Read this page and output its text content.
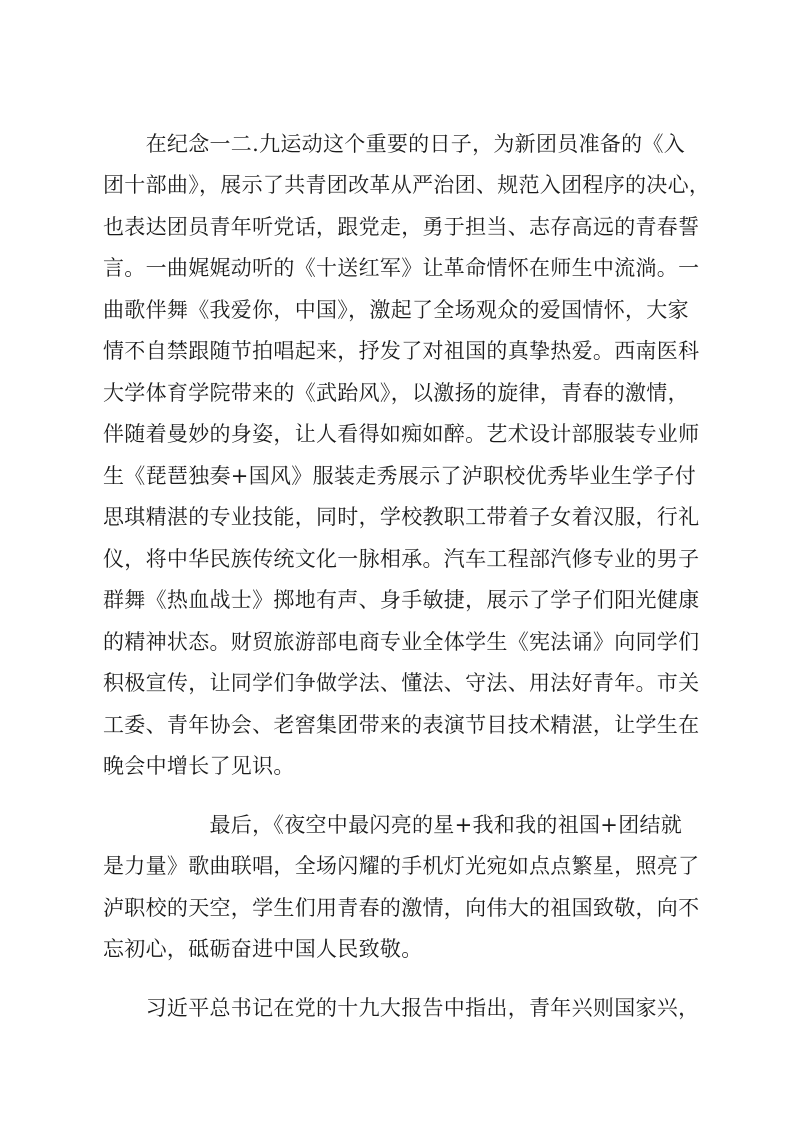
　　在纪念一二.九运动这个重要的日子，为新团员准备的《入
团十部曲》，展示了共青团改革从严治团、规范入团程序的决心，
也表达团员青年听党话，跟党走，勇于担当、志存高远的青春誓
言。一曲娓娓动听的《十送红军》让革命情怀在师生中流淌。一
曲歌伴舞《我爱你，中国》，激起了全场观众的爱国情怀，大家
情不自禁跟随节拍唱起来，抒发了对祖国的真挚热爱。西南医科
大学体育学院带来的《武跆风》，以激扬的旋律，青春的激情，
伴随着曼妙的身姿，让人看得如痴如醉。艺术设计部服装专业师
生《琵琶独奏+国风》服装走秀展示了泸职校优秀毕业生学子付
思琪精湛的专业技能，同时，学校教职工带着子女着汉服，行礼
仪，将中华民族传统文化一脉相承。汽车工程部汽修专业的男子
群舞《热血战士》掷地有声、身手敏捷，展示了学子们阳光健康
的精神状态。财贸旅游部电商专业全体学生《宪法诵》向同学们
积极宣传，让同学们争做学法、懂法、守法、用法好青年。市关
工委、青年协会、老窖集团带来的表演节目技术精湛，让学生在
晚会中增长了见识。
　　　　　最后，《夜空中最闪亮的星+我和我的祖国+团结就
是力量》歌曲联唱，全场闪耀的手机灯光宛如点点繁星，照亮了
泸职校的天空，学生们用青春的激情，向伟大的祖国致敬，向不
忘初心，砥砺奋进中国人民致敬。
　　习近平总书记在党的十九大报告中指出，青年兴则国家兴，
